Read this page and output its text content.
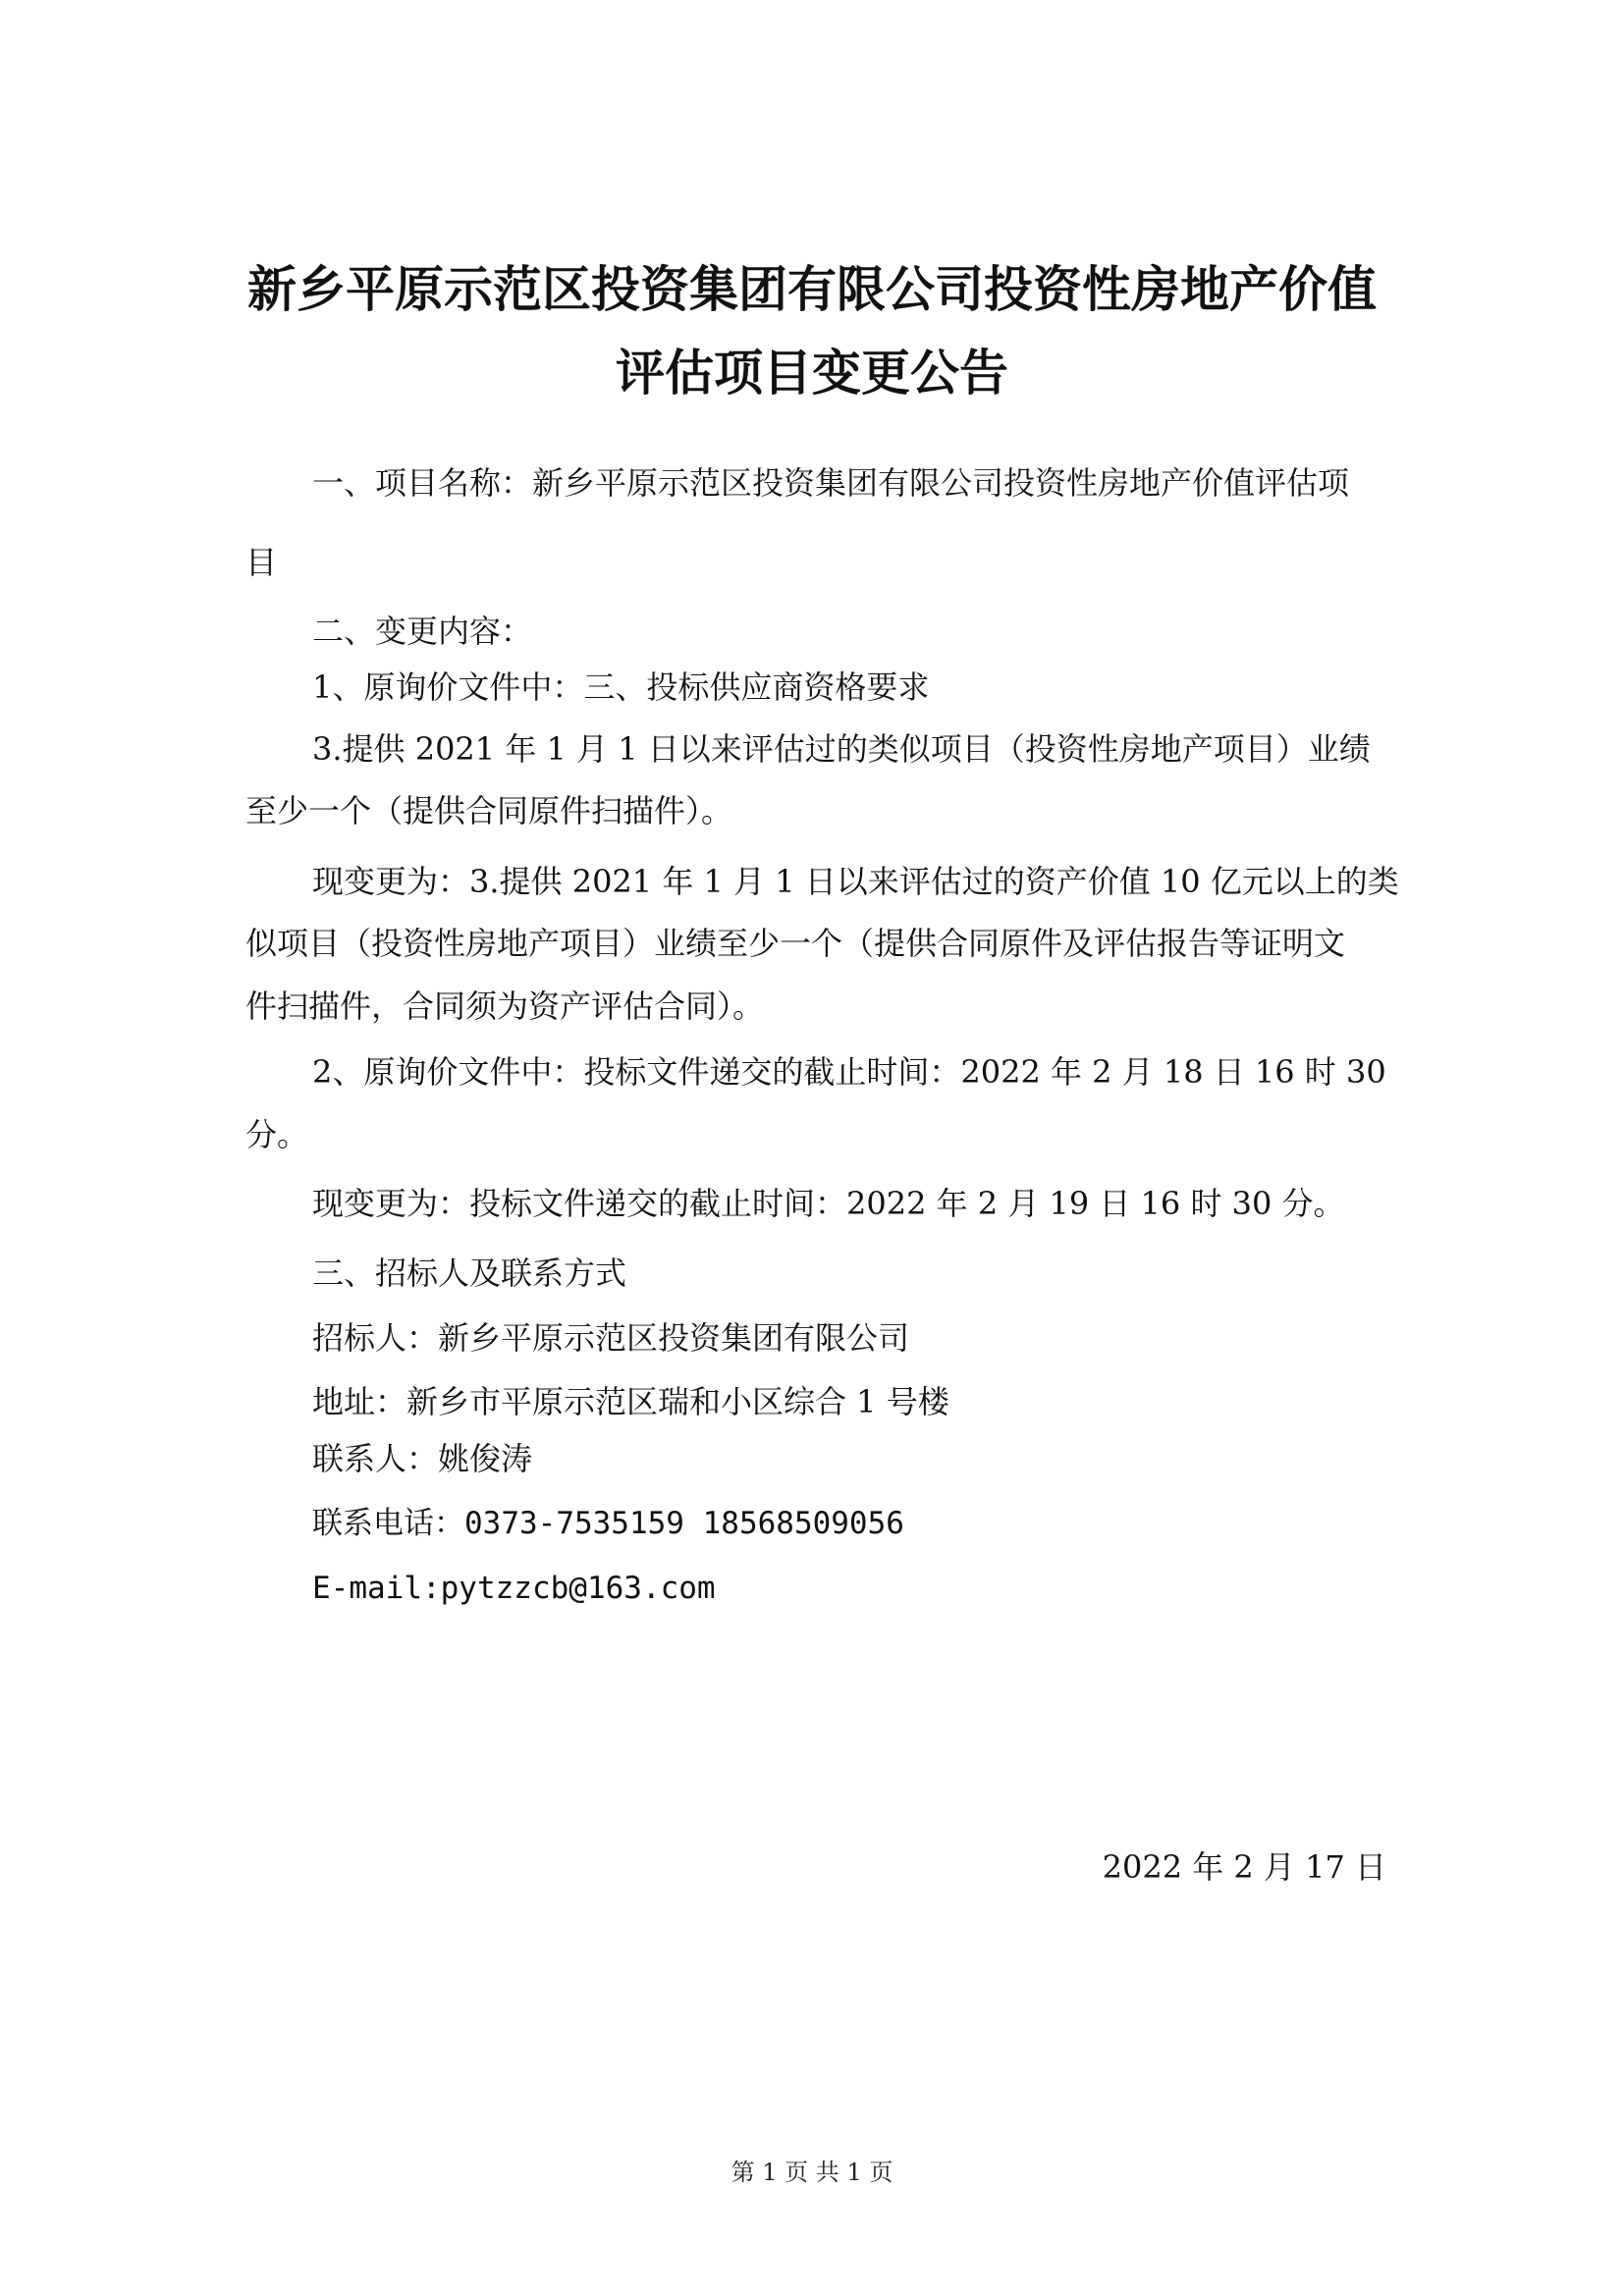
新乡平原示范区投资集团有限公司投资性房地产价值
评估项目变更公告
一、项目名称：新乡平原示范区投资集团有限公司投资性房地产价值评估项
目
二、变更内容：
1、原询价文件中：三、投标供应商资格要求
3.提供 2021 年 1 月 1 日以来评估过的类似项目（投资性房地产项目）业绩
至少一个（提供合同原件扫描件）。
现变更为：3.提供 2021 年 1 月 1 日以来评估过的资产价值 10 亿元以上的类
似项目（投资性房地产项目）业绩至少一个（提供合同原件及评估报告等证明文
件扫描件，合同须为资产评估合同）。
2、原询价文件中：投标文件递交的截止时间：2022 年 2 月 18 日 16 时 30
分。
现变更为：投标文件递交的截止时间：2022 年 2 月 19 日 16 时 30 分。
三、招标人及联系方式
招标人：新乡平原示范区投资集团有限公司
地址：新乡市平原示范区瑞和小区综合 1 号楼
联系人：姚俊涛
联系电话：0373-7535159 18568509056
E-mail:pytzzcb@163.com
2022 年 2 月 17 日
第 1 页 共 1 页
